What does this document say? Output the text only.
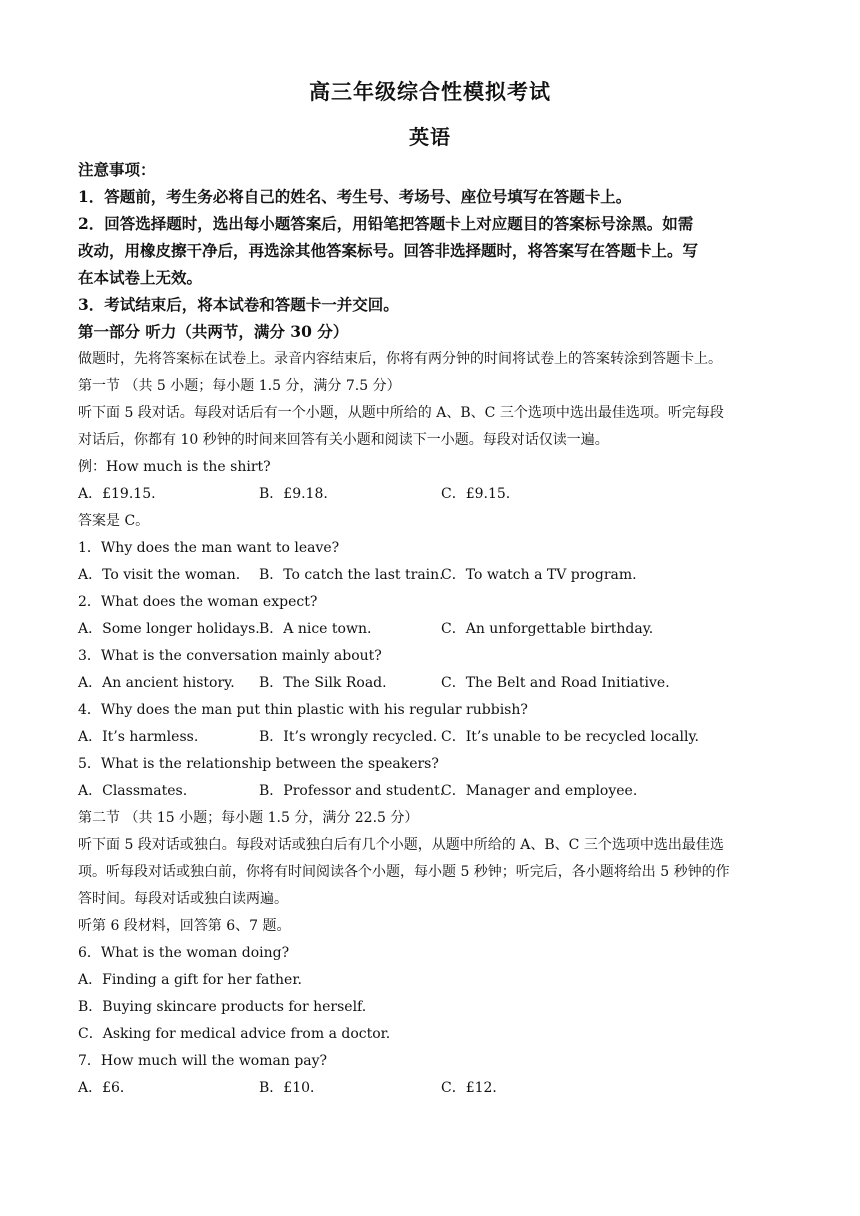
高三年级综合性模拟考试
英语
注意事项：
1．答题前，考生务必将自己的姓名、考生号、考场号、座位号填写在答题卡上。
2．回答选择题时，选出每小题答案后，用铅笔把答题卡上对应题目的答案标号涂黑。如需
改动，用橡皮擦干净后，再选涂其他答案标号。回答非选择题时，将答案写在答题卡上。写
在本试卷上无效。
3．考试结束后，将本试卷和答题卡一并交回。
第一部分 听力（共两节，满分 30 分）
做题时，先将答案标在试卷上。录音内容结束后，你将有两分钟的时间将试卷上的答案转涂到答题卡上。
第一节 （共 5 小题；每小题 1.5 分，满分 7.5 分）
听下面 5 段对话。每段对话后有一个小题，从题中所给的 A、B、C 三个选项中选出最佳选项。听完每段
对话后，你都有 10 秒钟的时间来回答有关小题和阅读下一小题。每段对话仅读一遍。
例：How much is the shirt?
A．£19.15.	B．£9.18.	C．£9.15.
答案是 C。
1．Why does the man want to leave?
A．To visit the woman. B．To catch the last train.
C．To watch a TV program.
2．What does the woman expect?
A．Some longer holidays. B．A nice town.	C．An unforgettable birthday.
3．What is the conversation mainly about?
A．An ancient history. B．The Silk Road.	C．The Belt and Road Initiative.
4．Why does the man put thin plastic with his regular rubbish?
A．It’s harmless.	B．It’s wrongly recycled. C．It’s unable to be recycled locally.
5．What is the relationship between the speakers?
A．Classmates.	B．Professor and student.
C．Manager and employee.
第二节 （共 15 小题；每小题 1.5 分，满分 22.5 分）
听下面 5 段对话或独白。每段对话或独白后有几个小题，从题中所给的 A、B、C 三个选项中选出最佳选
项。听每段对话或独白前，你将有时间阅读各个小题，每小题 5 秒钟；听完后，各小题将给出 5 秒钟的作
答时间。每段对话或独白读两遍。
听第 6 段材料，回答第 6、7 题。
6．What is the woman doing?
A．Finding a gift for her father.
B．Buying skincare products for herself.
C．Asking for medical advice from a doctor.
7．How much will the woman pay?
A．£6．	B．£10．	C．£12．
